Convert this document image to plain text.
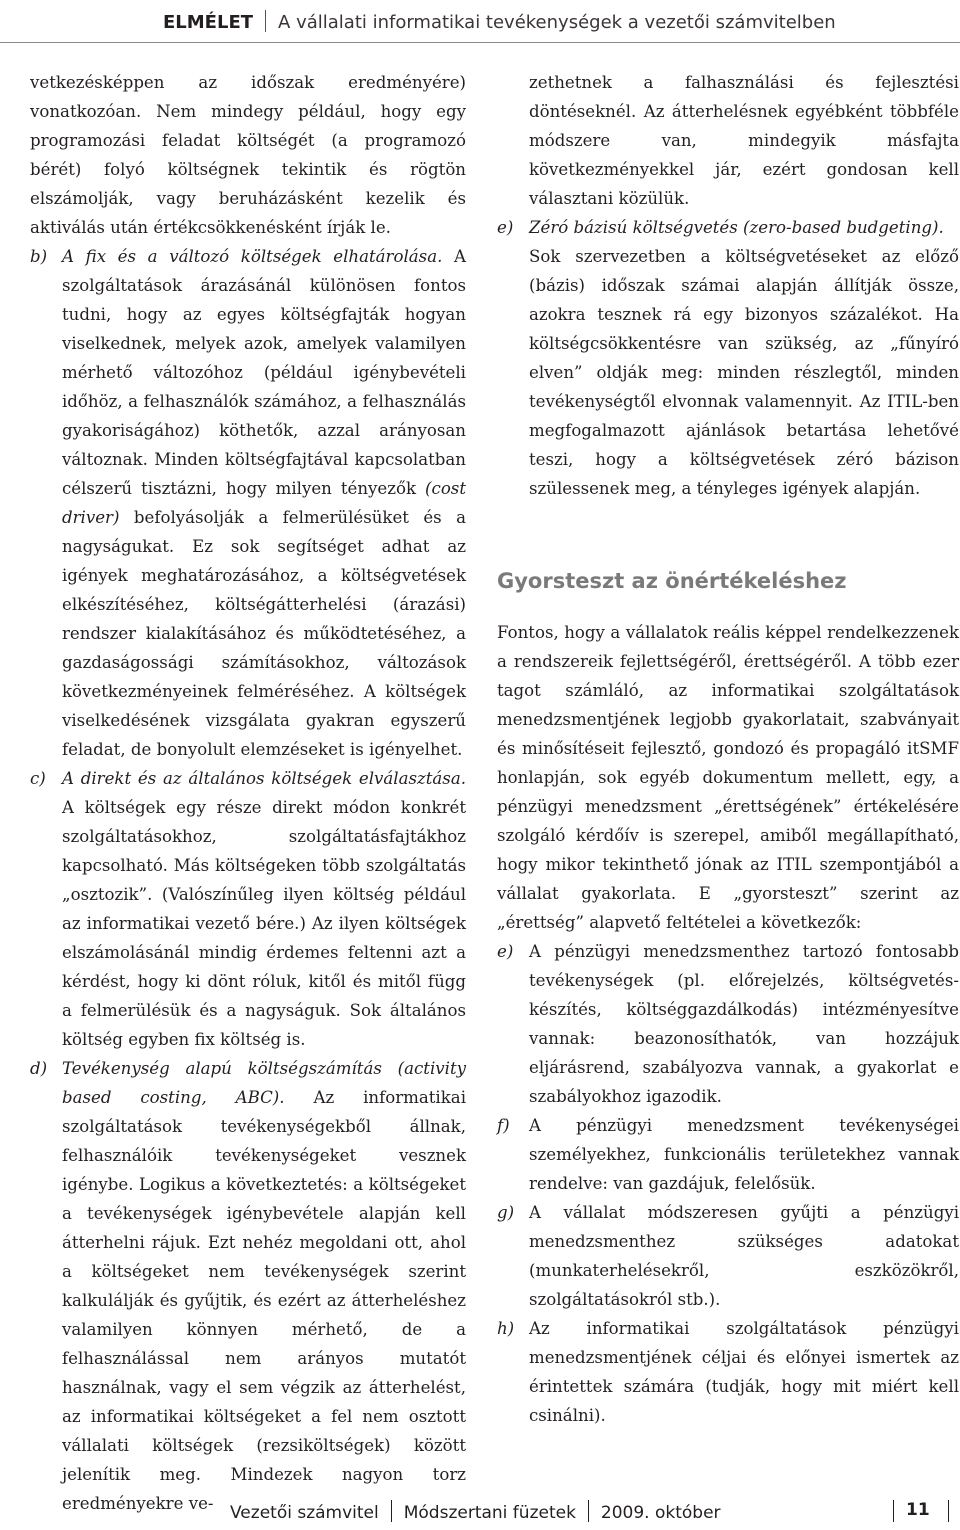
ELMÉLET A vállalati informatikai tevékenységek a vezetői számvitelben

vetkezésképpen az időszak eredményére) vonatkozóan. Nem mindegy például, hogy egy programozási feladat költségét (a programozó bérét) folyó költségnek tekintik és rögtön elszámolják, vagy beruházásként kezelik és aktiválás után értékcsökkenésként írják le.

b) A fix és a változó költségek elhatárolása. A szolgáltatások árazásánál különösen fontos tudni, hogy az egyes költségfajták hogyan viselkednek, melyek azok, amelyek valamilyen mérhető változóhoz (például igénybevételi időhöz, a felhasználók számához, a felhasználás gyakoriságához) köthetők, azzal arányosan változnak. Minden költségfajtával kapcsolatban célszerű tisztázni, hogy milyen tényezők (cost driver) befolyásolják a felmerülésüket és a nagyságukat. Ez sok segítséget adhat az igények meghatározásához, a költségvetések elkészítéséhez, költségátterhelési (árazási) rendszer kialakításához és működtetéséhez, a gazdaságossági számításokhoz, változások következményeinek felméréséhez. A költségek viselkedésének vizsgálata gyakran egyszerű feladat, de bonyolult elemzéseket is igényelhet.

c) A direkt és az általános költségek elválasztása. A költségek egy része direkt módon konkrét szolgáltatásokhoz, szolgáltatásfajtákhoz kapcsolható. Más költségeken több szolgáltatás „osztozik”. (Valószínűleg ilyen költség például az informatikai vezető bére.) Az ilyen költségek elszámolásánál mindig érdemes feltenni azt a kérdést, hogy ki dönt róluk, kitől és mitől függ a felmerülésük és a nagyságuk. Sok általános költség egyben fix költség is.

d) Tevékenység alapú költségszámítás (activity based costing, ABC). Az informatikai szolgáltatások tevékenységekből állnak, felhasználóik tevékenységeket vesznek igénybe. Logikus a következtetés: a költségeket a tevékenységek igénybevétele alapján kell átterhelni rájuk. Ezt nehéz megoldani ott, ahol a költségeket nem tevékenységek szerint kalkulálják és gyűjtik, és ezért az átterheléshez valamilyen könnyen mérhető, de a felhasználással nem arányos mutatót használnak, vagy el sem végzik az átterhelést, az informatikai költségeket a fel nem osztott vállalati költségek (rezsiköltségek) között jelenítik meg. Mindezek nagyon torz eredményekre ve-

zethetnek a falhasználási és fejlesztési döntéseknél. Az átterhelésnek egyébként többféle módszere van, mindegyik másfajta következményekkel jár, ezért gondosan kell választani közülük.

e) Zéró bázisú költségvetés (zero-based budgeting).

Sok szervezetben a költségvetéseket az előző (bázis) időszak számai alapján állítják össze, azokra tesznek rá egy bizonyos százalékot. Ha költségcsökkentésre van szükség, az „fűnyíró elven” oldják meg: minden részlegtől, minden tevékenységtől elvonnak valamennyit. Az ITIL-ben megfogalmazott ajánlások betartása lehetővé teszi, hogy a költségvetések zéró bázison szülessenek meg, a tényleges igények alapján.

Gyorsteszt az önértékeléshez

Fontos, hogy a vállalatok reális képpel rendelkezzenek a rendszereik fejlettségéről, érettségéről. A több ezer tagot számláló, az informatikai szolgáltatások menedzsmentjének legjobb gyakorlatait, szabványait és minősítéseit fejlesztő, gondozó és propagáló itSMF honlapján, sok egyéb dokumentum mellett, egy, a pénzügyi menedzsment „érettségének” értékelésére szolgáló kérdőív is szerepel, amiből megállapítható, hogy mikor tekinthető jónak az ITIL szempontjából a vállalat gyakorlata. E „gyorsteszt” szerint az „érettség” alapvető feltételei a következők:

e) A pénzügyi menedzsmenthez tartozó fontosabb tevékenységek (pl. előrejelzés, költségvetés-készítés, költséggazdálkodás) intézményesítve vannak: beazonosíthatók, van hozzájuk eljárásrend, szabályozva vannak, a gyakorlat e szabályokhoz igazodik.

f) A pénzügyi menedzsment tevékenységei személyekhez, funkcionális területekhez vannak rendelve: van gazdájuk, felelősük.

g) A vállalat módszeresen gyűjti a pénzügyi menedzsmenthez szükséges adatokat (munkaterhelésekről, eszközökről, szolgáltatásokról stb.).

h) Az informatikai szolgáltatások pénzügyi menedzsmentjének céljai és előnyei ismertek az érintettek számára (tudják, hogy mit miért kell csinálni).

Vezetői számvitel Módszertani füzetek 2009. október	11
